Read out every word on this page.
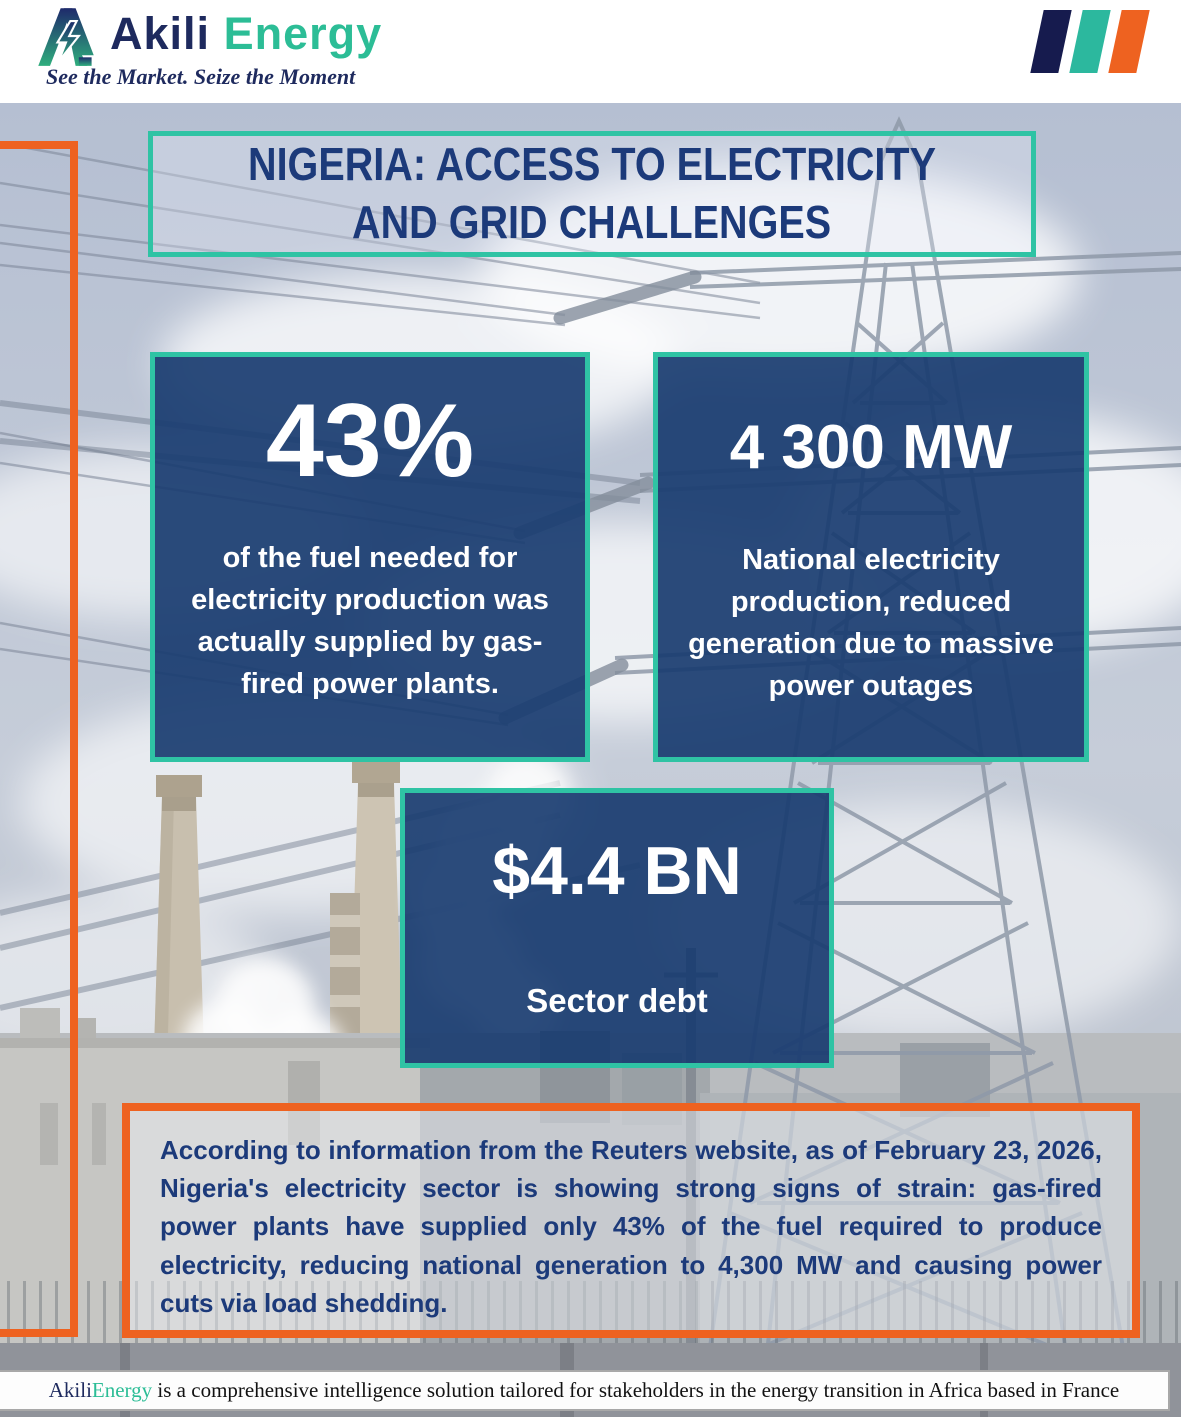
Akili Energy
See the Market. Seize the Moment
NIGERIA: ACCESS TO ELECTRICITY
AND GRID CHALLENGES
43%
of the fuel needed for electricity production was actually supplied by gas-fired power plants.
4 300 MW
National electricity production, reduced generation due to massive power outages
$4.4 BN
Sector debt

According to information from the Reuters website, as of February 23, 2026, Nigeria's electricity sector is showing strong signs of strain: gas-fired power plants have supplied only 43% of the fuel required to produce electricity, reducing national generation to 4,300 MW and causing power cuts via load shedding.

Akili Energy is a comprehensive intelligence solution tailored for stakeholders in the energy transition in Africa based in France
